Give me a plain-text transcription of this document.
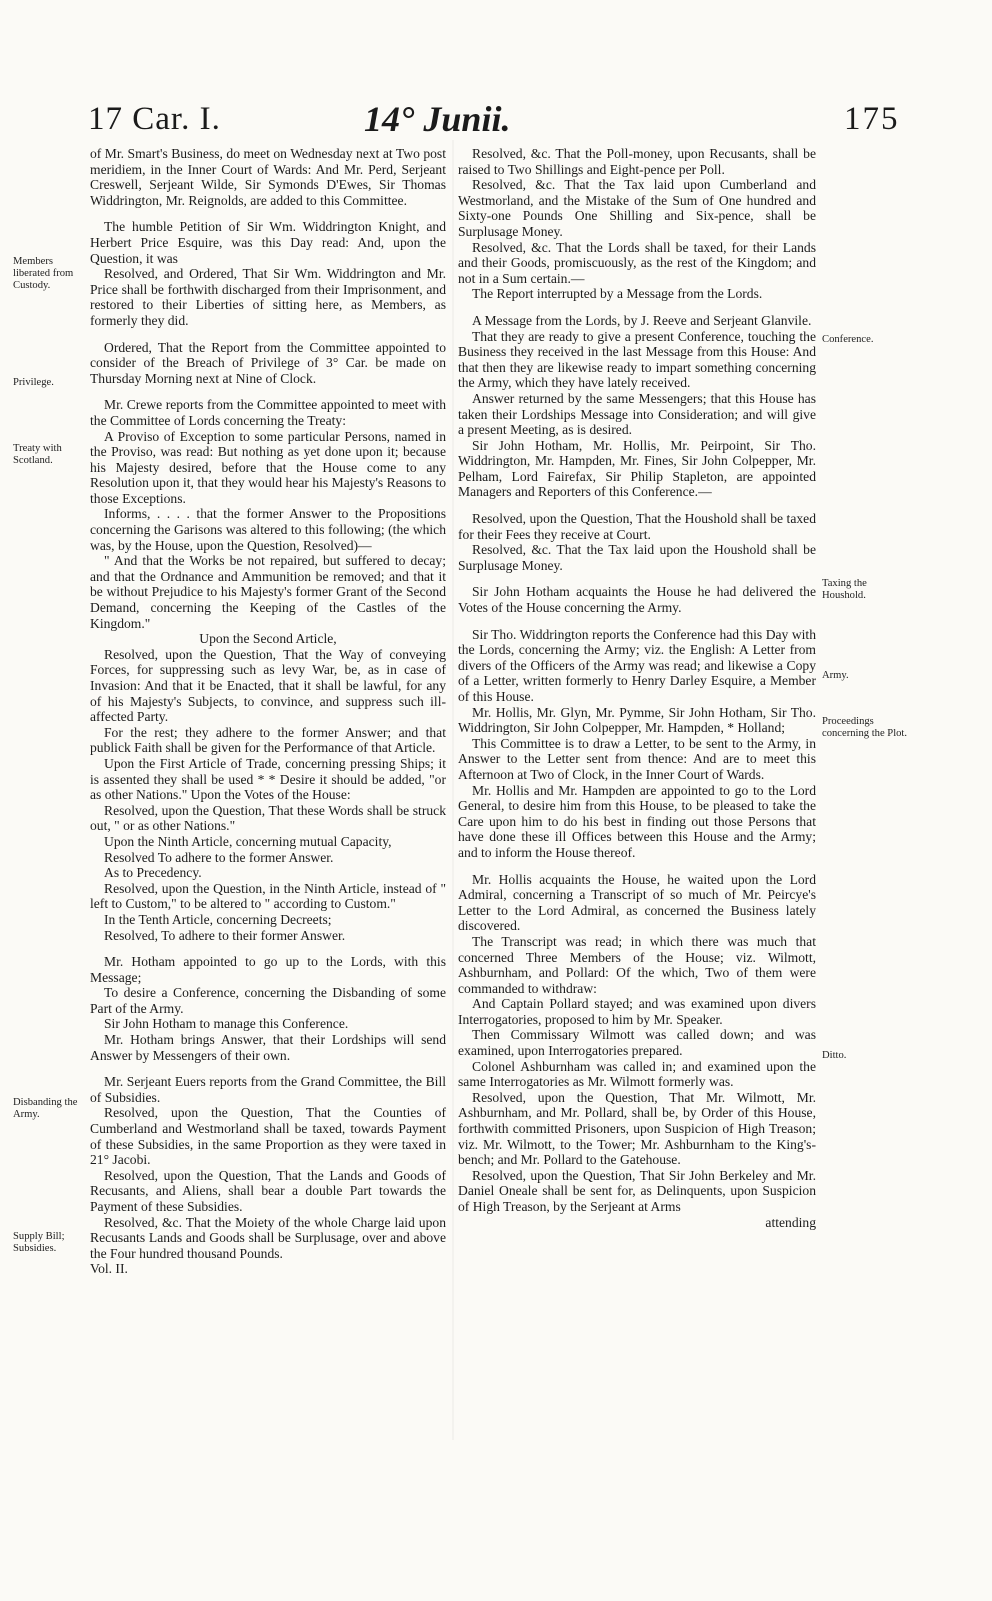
17 Car. I.	14° Junii.	175
Members liberated from Custody.
Privilege.
Treaty with Scotland.
Disbanding the Army.
Supply Bill; Subsidies.
Conference.
Taxing the Houshold.
Army.
Proceedings concerning the Plot.
Ditto.

of Mr. Smart's Business, do meet on Wednesday next at Two post meridiem, in the Inner Court of Wards: And Mr. Perd, Serjeant Creswell, Serjeant Wilde, Sir Symonds D'Ewes, Sir Thomas Widdrington, Mr. Reignolds, are added to this Committee.

The humble Petition of Sir Wm. Widdrington Knight, and Herbert Price Esquire, was this Day read: And, upon the Question, it was

Resolved, and Ordered, That Sir Wm. Widdrington and Mr. Price shall be forthwith discharged from their Imprisonment, and restored to their Liberties of sitting here, as Members, as formerly they did.

Ordered, That the Report from the Committee appointed to consider of the Breach of Privilege of 3° Car. be made on Thursday Morning next at Nine of Clock.

Mr. Crewe reports from the Committee appointed to meet with the Committee of Lords concerning the Treaty:

A Proviso of Exception to some particular Persons, named in the Proviso, was read: But nothing as yet done upon it; because his Majesty desired, before that the House come to any Resolution upon it, that they would hear his Majesty's Reasons to those Exceptions.

Informs, . . . . that the former Answer to the Propositions concerning the Garisons was altered to this following; (the which was, by the House, upon the Question, Resolved)—

" And that the Works be not repaired, but suffered to decay; and that the Ordnance and Ammunition be removed; and that it be without Prejudice to his Majesty's former Grant of the Second Demand, concerning the Keeping of the Castles of the Kingdom."

Upon the Second Article,

Resolved, upon the Question, That the Way of conveying Forces, for suppressing such as levy War, be, as in case of Invasion: And that it be Enacted, that it shall be lawful, for any of his Majesty's Subjects, to convince, and suppress such ill-affected Party.

For the rest; they adhere to the former Answer; and that publick Faith shall be given for the Performance of that Article.

Upon the First Article of Trade, concerning pressing Ships; it is assented they shall be used * * Desire it should be added, "or as other Nations." Upon the Votes of the House:

Resolved, upon the Question, That these Words shall be struck out, " or as other Nations."

Upon the Ninth Article, concerning mutual Capacity,

Resolved To adhere to the former Answer.

As to Precedency.

Resolved, upon the Question, in the Ninth Article, instead of " left to Custom," to be altered to " according to Custom."

In the Tenth Article, concerning Decreets;

Resolved, To adhere to their former Answer.

Mr. Hotham appointed to go up to the Lords, with this Message;

To desire a Conference, concerning the Disbanding of some Part of the Army.

Sir John Hotham to manage this Conference.

Mr. Hotham brings Answer, that their Lordships will send Answer by Messengers of their own.

Mr. Serjeant Euers reports from the Grand Committee, the Bill of Subsidies.

Resolved, upon the Question, That the Counties of Cumberland and Westmorland shall be taxed, towards Payment of these Subsidies, in the same Proportion as they were taxed in 21° Jacobi.

Resolved, upon the Question, That the Lands and Goods of Recusants, and Aliens, shall bear a double Part towards the Payment of these Subsidies.

Resolved, &c. That the Moiety of the whole Charge laid upon Recusants Lands and Goods shall be Surplusage, over and above the Four hundred thousand Pounds.

Vol. II.

Resolved, &c. That the Poll-money, upon Recusants, shall be raised to Two Shillings and Eight-pence per Poll.

Resolved, &c. That the Tax laid upon Cumberland and Westmorland, and the Mistake of the Sum of One hundred and Sixty-one Pounds One Shilling and Six-pence, shall be Surplusage Money.

Resolved, &c. That the Lords shall be taxed, for their Lands and their Goods, promiscuously, as the rest of the Kingdom; and not in a Sum certain.—

The Report interrupted by a Message from the Lords.

A Message from the Lords, by J. Reeve and Serjeant Glanvile.

That they are ready to give a present Conference, touching the Business they received in the last Message from this House: And that then they are likewise ready to impart something concerning the Army, which they have lately received.

Answer returned by the same Messengers; that this House has taken their Lordships Message into Consideration; and will give a present Meeting, as is desired.

Sir John Hotham, Mr. Hollis, Mr. Peirpoint, Sir Tho. Widdrington, Mr. Hampden, Mr. Fines, Sir John Colpepper, Mr. Pelham, Lord Fairefax, Sir Philip Stapleton, are appointed Managers and Reporters of this Conference.—

Resolved, upon the Question, That the Houshold shall be taxed for their Fees they receive at Court.

Resolved, &c. That the Tax laid upon the Houshold shall be Surplusage Money.

Sir John Hotham acquaints the House he had delivered the Votes of the House concerning the Army.

Sir Tho. Widdrington reports the Conference had this Day with the Lords, concerning the Army; viz. the English: A Letter from divers of the Officers of the Army was read; and likewise a Copy of a Letter, written formerly to Henry Darley Esquire, a Member of this House.

Mr. Hollis, Mr. Glyn, Mr. Pymme, Sir John Hotham, Sir Tho. Widdrington, Sir John Colpepper, Mr. Hampden, * Holland;

This Committee is to draw a Letter, to be sent to the Army, in Answer to the Letter sent from thence: And are to meet this Afternoon at Two of Clock, in the Inner Court of Wards.

Mr. Hollis and Mr. Hampden are appointed to go to the Lord General, to desire him from this House, to be pleased to take the Care upon him to do his best in finding out those Persons that have done these ill Offices between this House and the Army; and to inform the House thereof.

Mr. Hollis acquaints the House, he waited upon the Lord Admiral, concerning a Transcript of so much of Mr. Peircye's Letter to the Lord Admiral, as concerned the Business lately discovered.

The Transcript was read; in which there was much that concerned Three Members of the House; viz. Wilmott, Ashburnham, and Pollard: Of the which, Two of them were commanded to withdraw:

And Captain Pollard stayed; and was examined upon divers Interrogatories, proposed to him by Mr. Speaker.

Then Commissary Wilmott was called down; and was examined, upon Interrogatories prepared.

Colonel Ashburnham was called in; and examined upon the same Interrogatories as Mr. Wilmott formerly was.

Resolved, upon the Question, That Mr. Wilmott, Mr. Ashburnham, and Mr. Pollard, shall be, by Order of this House, forthwith committed Prisoners, upon Suspicion of High Treason; viz. Mr. Wilmott, to the Tower; Mr. Ashburnham to the King's-bench; and Mr. Pollard to the Gatehouse.

Resolved, upon the Question, That Sir John Berkeley and Mr. Daniel Oneale shall be sent for, as Delinquents, upon Suspicion of High Treason, by the Serjeant at Arms

attending
